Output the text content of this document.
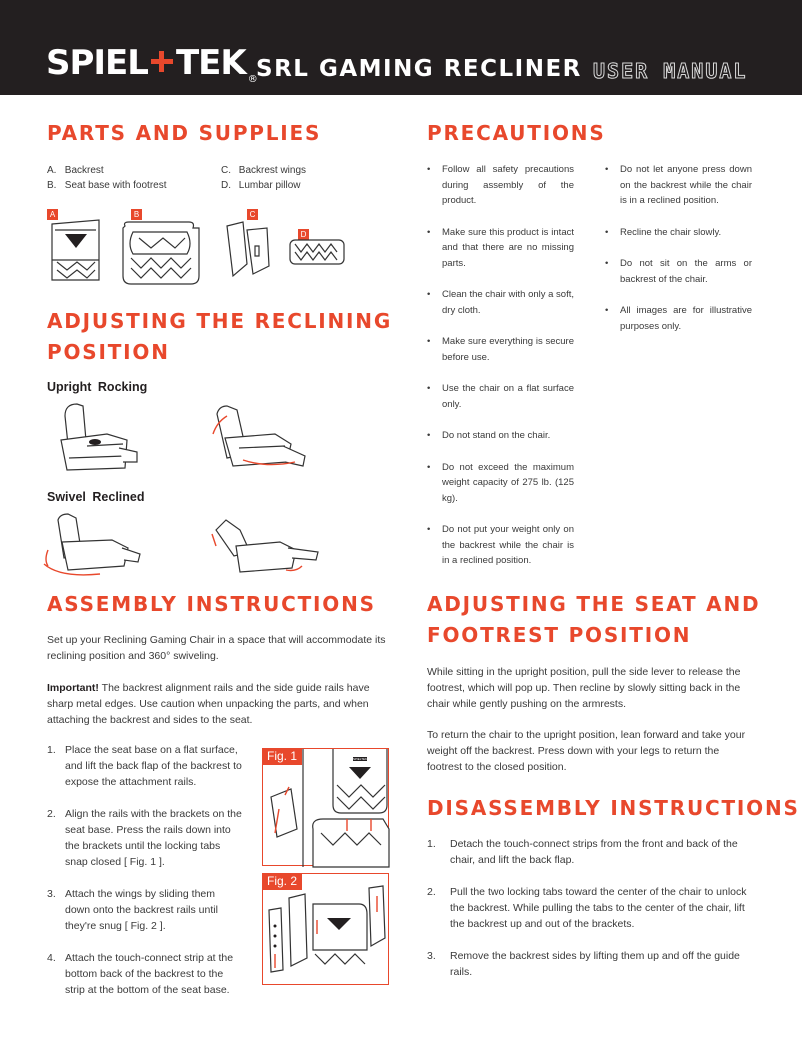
SPIEL TEK ® SRL GAMING RECLINER USER MANUAL
PARTS AND SUPPLIES
A. Backrest
B. Seat base with footrest
C. Backrest wings
D. Lumbar pillow
A	B	C
D
ADJUSTING THE RECLINING
POSITION
Upright Rocking
Swivel Reclined
PRECAUTIONS
• Follow all safety precautions during assembly of the product.
• Make sure this product is intact and that there are no missing parts.
• Clean the chair with only a soft, dry cloth.
• Make sure everything is secure before use.
• Use the chair on a flat surface only.
• Do not stand on the chair.
• Do not exceed the maximum weight capacity of 275 lb. (125 kg).
• Do not put your weight only on the backrest while the chair is in a reclined position.
• Do not let anyone press down on the backrest while the chair is in a reclined position.
• Recline the chair slowly.
• Do not sit on the arms or backrest of the chair.
• All images are for illustrative purposes only.
ASSEMBLY INSTRUCTIONS

Set up your Reclining Gaming Chair in a space that will accommodate its reclining position and 360° swiveling.

Important! The backrest alignment rails and the side guide rails have sharp metal edges. Use caution when unpacking the parts, and when attaching the backrest and sides to the seat.

1. Place the seat base on a flat surface, and lift the back flap of the backrest to expose the attachment rails.
2. Align the rails with the brackets on the seat base. Press the rails down into the brackets until the locking tabs snap closed [ Fig. 1 ].
3. Attach the wings by sliding them down onto the backrest rails until they're snug [ Fig. 2 ].
4. Attach the touch-connect strip at the bottom back of the backrest to the strip at the bottom of the seat base.
Fig. 1	SPIELTEK
Fig. 2
ADJUSTING THE SEAT AND
FOOTREST POSITION

While sitting in the upright position, pull the side lever to release the footrest, which will pop up. Then recline by slowly sitting back in the chair while gently pushing on the armrests.

To return the chair to the upright position, lean forward and take your weight off the backrest. Press down with your legs to return the footrest to the closed position.

DISASSEMBLY INSTRUCTIONS
1. Detach the touch-connect strips from the front and back of the chair, and lift the back flap.
2. Pull the two locking tabs toward the center of the chair to unlock the backrest. While pulling the tabs to the center of the chair, lift the backrest up and out of the brackets.
3. Remove the backrest sides by lifting them up and off the guide rails.
